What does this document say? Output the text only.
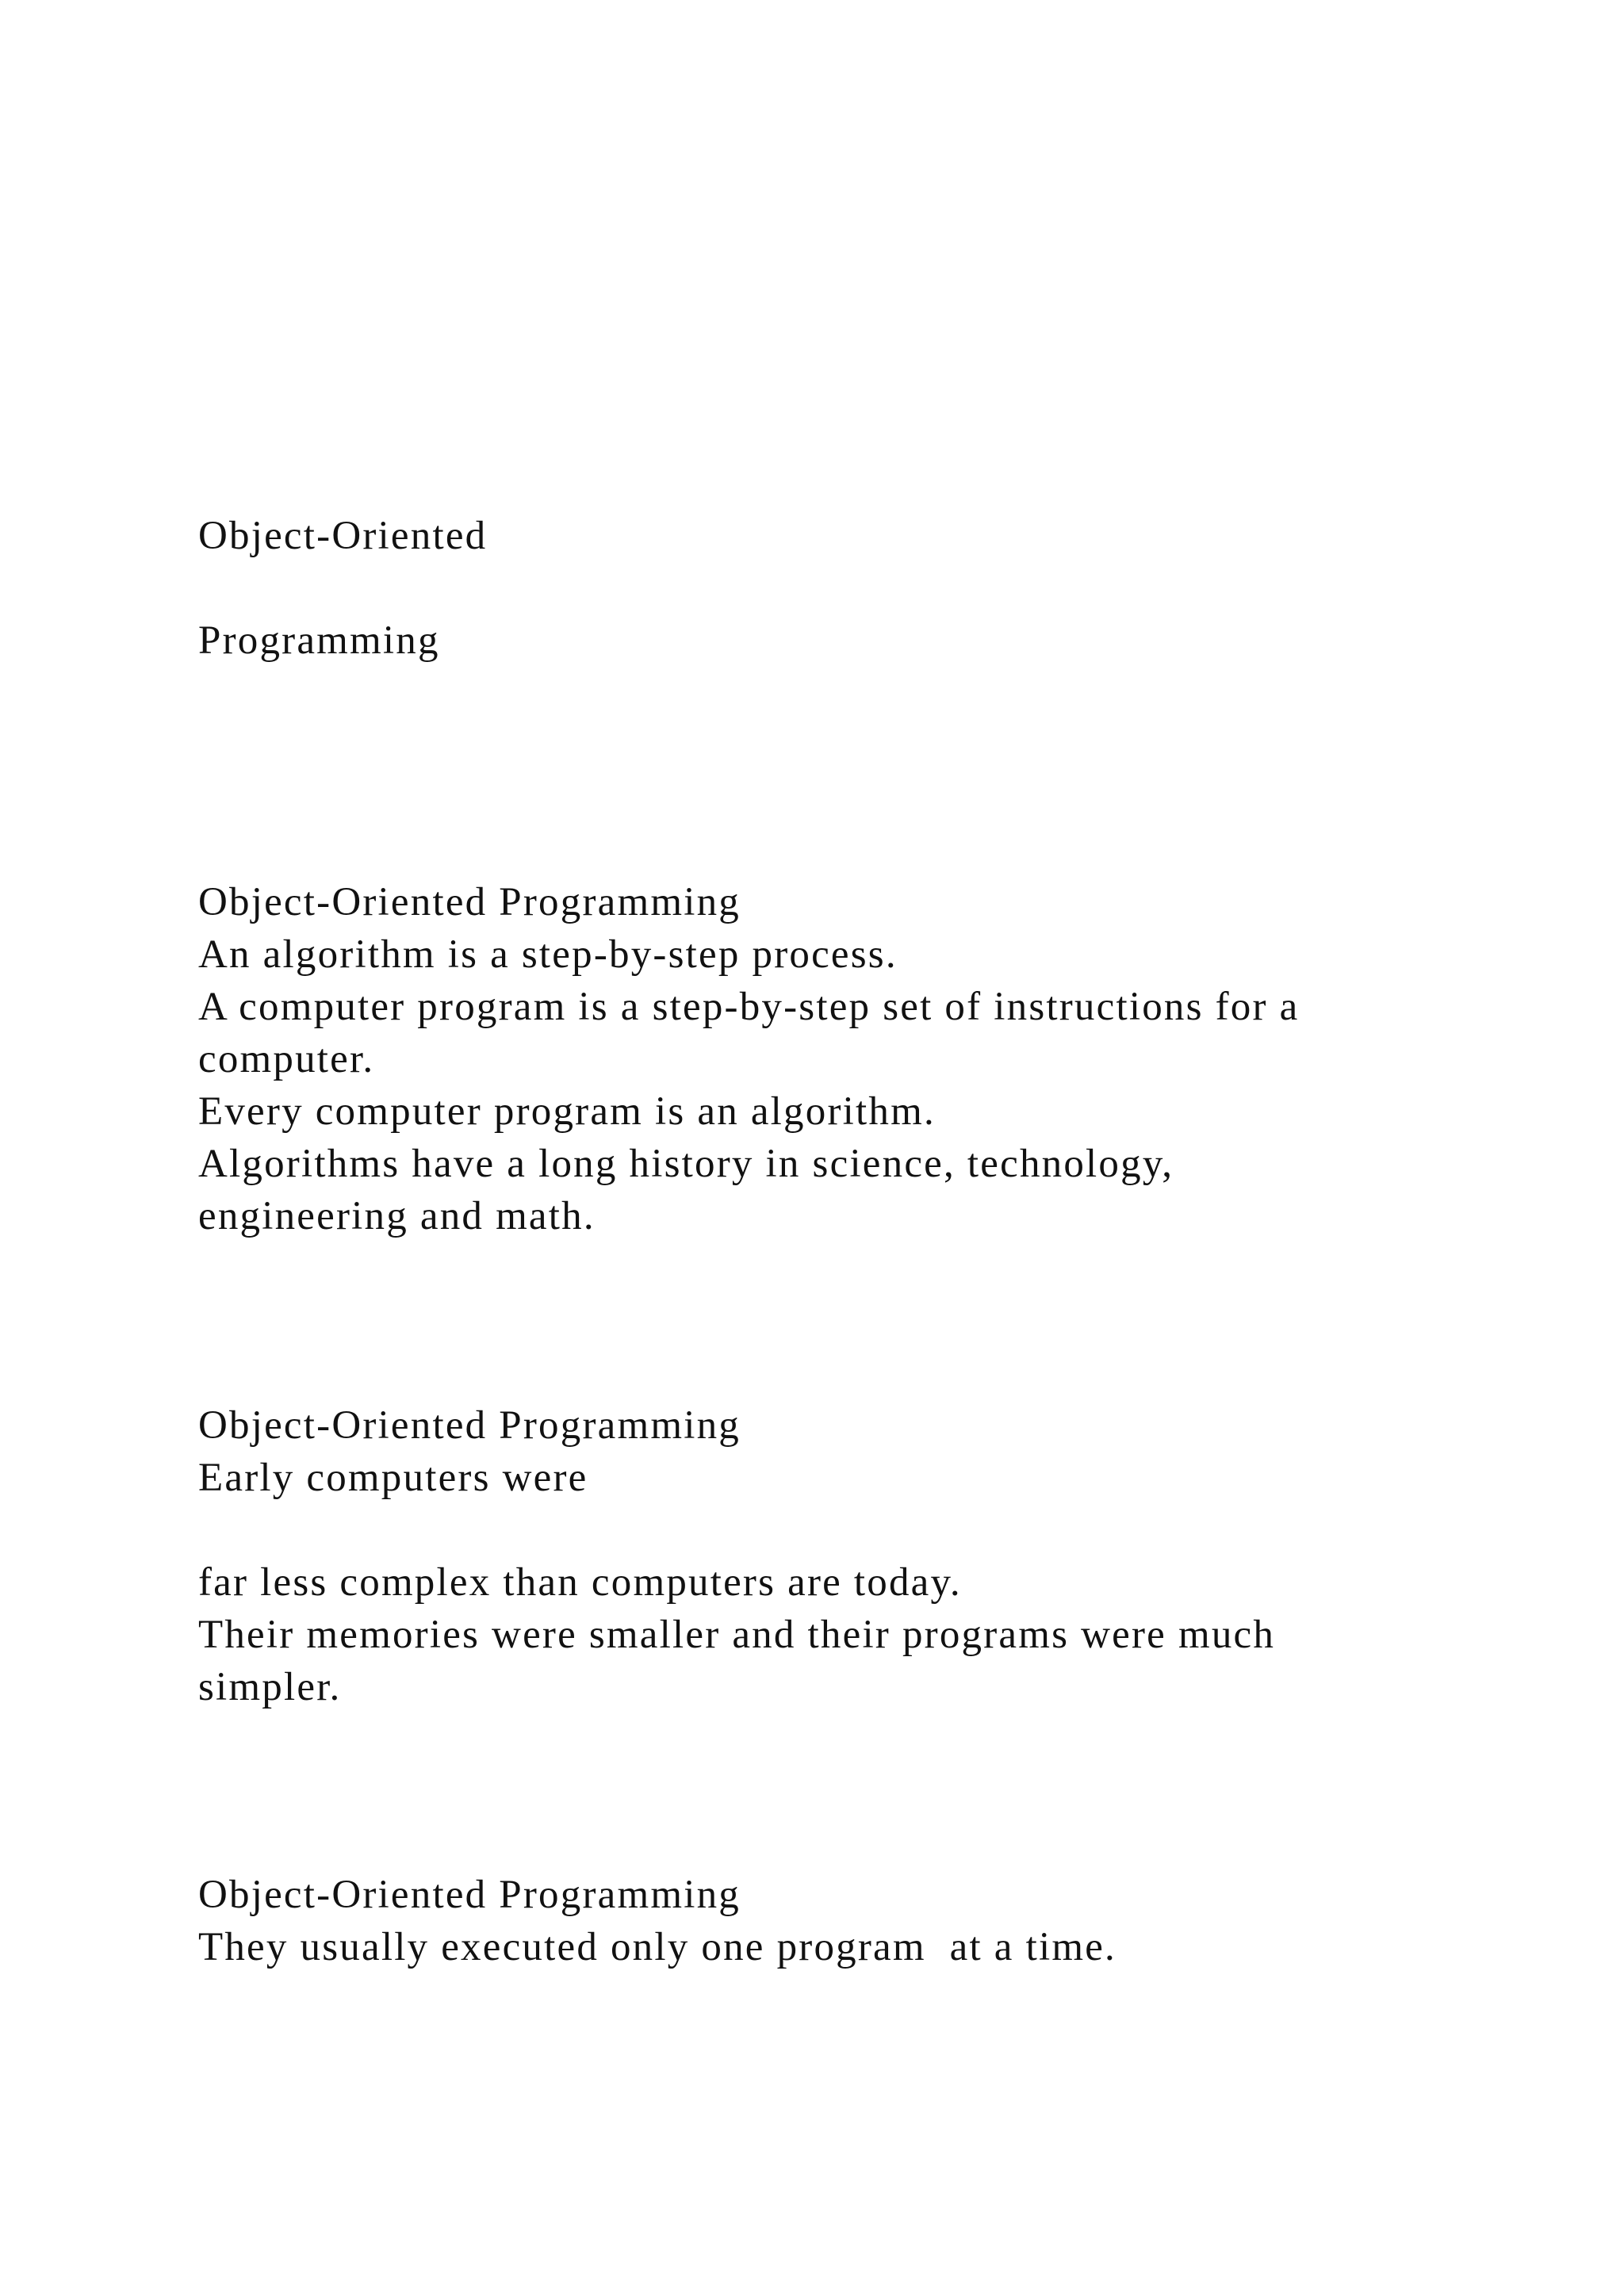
Object-Oriented
Programming
Object-Oriented Programming
An algorithm is a step-by-step process.
A computer program is a step-by-step set of instructions for a
computer.
Every computer program is an algorithm.
Algorithms have a long history in science, technology,
engineering and math.
Object-Oriented Programming
Early computers were
far less complex than computers are today.
Their memories were smaller and their programs were much
simpler.
Object-Oriented Programming
They usually executed only one program  at a time.
